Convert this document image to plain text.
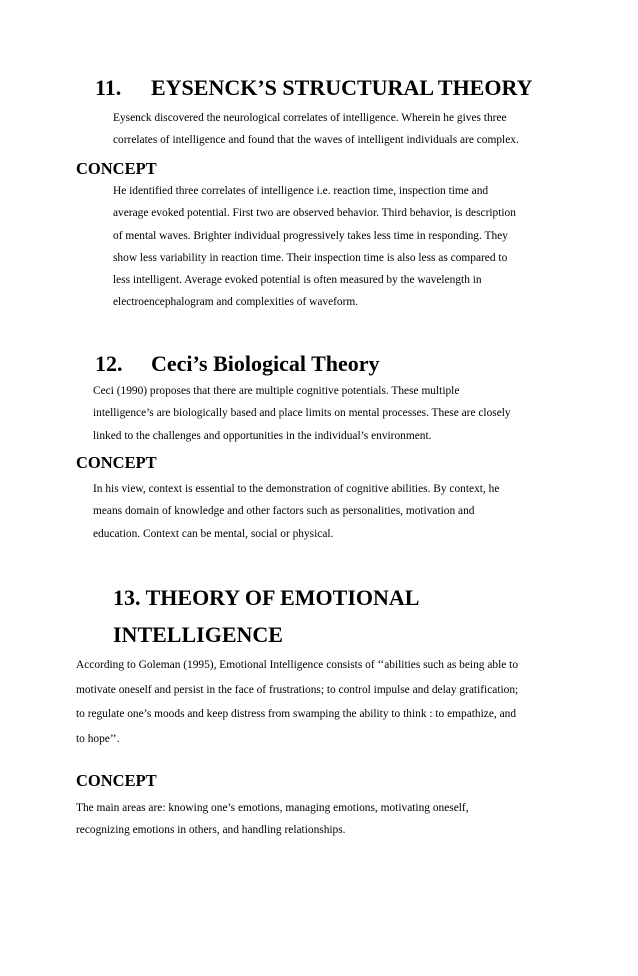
11. EYSENCK’S STRUCTURAL THEORY
Eysenck discovered the neurological correlates of intelligence. Wherein he gives three
correlates of intelligence and found that the waves of intelligent individuals are complex.
CONCEPT
He identified three correlates of intelligence i.e. reaction time, inspection time and
average evoked potential. First two are observed behavior. Third behavior, is description
of mental waves. Brighter individual progressively takes less time in responding. They
show less variability in reaction time. Their inspection time is also less as compared to
less intelligent. Average evoked potential is often measured by the wavelength in
electroencephalogram and complexities of waveform.
12. Ceci’s Biological Theory
Ceci (1990) proposes that there are multiple cognitive potentials. These multiple
intelligence’s are biologically based and place limits on mental processes. These are closely
linked to the challenges and opportunities in the individual’s environment.
CONCEPT
In his view, context is essential to the demonstration of cognitive abilities. By context, he
means domain of knowledge and other factors such as personalities, motivation and
education. Context can be mental, social or physical.
13. THEORY OF EMOTIONAL
INTELLIGENCE
According to Goleman (1995), Emotional Intelligence consists of ‘‘abilities such as being able to
motivate oneself and persist in the face of frustrations; to control impulse and delay gratification;
to regulate one’s moods and keep distress from swamping the ability to think : to empathize, and
to hope’’.
CONCEPT
The main areas are: knowing one’s emotions, managing emotions, motivating oneself,
recognizing emotions in others, and handling relationships.
